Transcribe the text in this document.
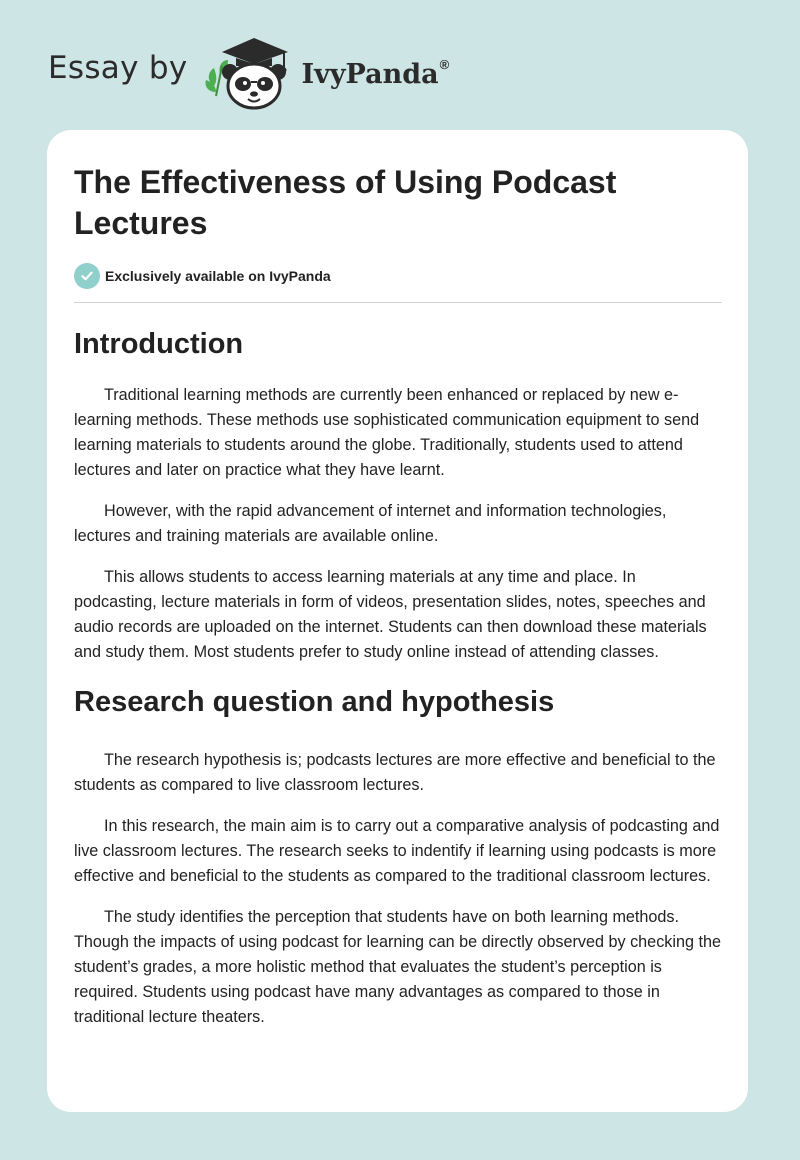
Essay by	IvyPanda®
The Effectiveness of Using Podcast Lectures
Exclusively available on IvyPanda
Introduction

Traditional learning methods are currently been enhanced or replaced by new e-learning methods. These methods use sophisticated communication equipment to send learning materials to students around the globe. Traditionally, students used to attend lectures and later on practice what they have learnt.

However, with the rapid advancement of internet and information technologies, lectures and training materials are available online.

This allows students to access learning materials at any time and place. In podcasting, lecture materials in form of videos, presentation slides, notes, speeches and audio records are uploaded on the internet. Students can then download these materials and study them. Most students prefer to study online instead of attending classes.

Research question and hypothesis

The research hypothesis is; podcasts lectures are more effective and beneficial to the students as compared to live classroom lectures.

In this research, the main aim is to carry out a comparative analysis of podcasting and live classroom lectures. The research seeks to indentify if learning using podcasts is more effective and beneficial to the students as compared to the traditional classroom lectures.

The study identifies the perception that students have on both learning methods. Though the impacts of using podcast for learning can be directly observed by checking the student’s grades, a more holistic method that evaluates the student’s perception is required. Students using podcast have many advantages as compared to those in traditional lecture theaters.
